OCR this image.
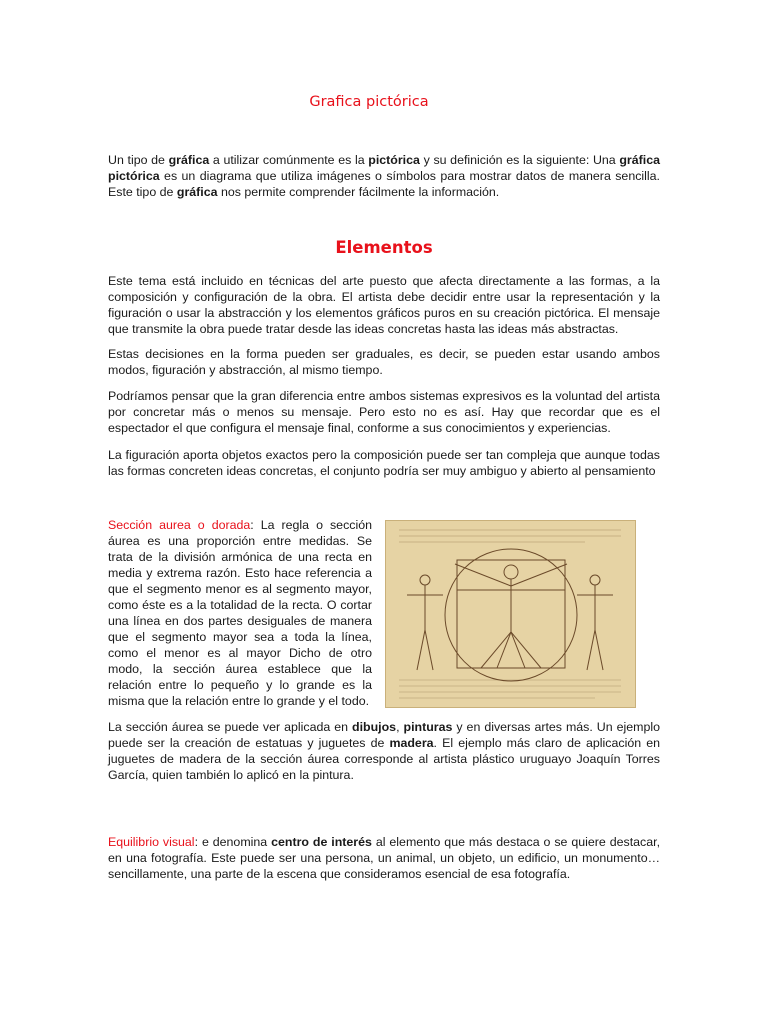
Grafica pictórica

Un tipo de gráfica a utilizar comúnmente es la pictórica y su definición es la siguiente: Una gráfica pictórica es un diagrama que utiliza imágenes o símbolos para mostrar datos de manera sencilla. Este tipo de gráfica nos permite comprender fácilmente la información.

Elementos

Este tema está incluido en técnicas del arte puesto que afecta directamente a las formas, a la composición y configuración de la obra. El artista debe decidir entre usar la representación y la figuración o usar la abstracción y los elementos gráficos puros en su creación pictórica. El mensaje que transmite la obra puede tratar desde las ideas concretas hasta las ideas más abstractas.

Estas decisiones en la forma pueden ser graduales, es decir, se pueden estar usando ambos modos, figuración y abstracción, al mismo tiempo.

Podríamos pensar que la gran diferencia entre ambos sistemas expresivos es la voluntad del artista por concretar más o menos su mensaje. Pero esto no es así. Hay que recordar que es el espectador el que configura el mensaje final, conforme a sus conocimientos y experiencias.

La figuración aporta objetos exactos pero la composición puede ser tan compleja que aunque todas las formas concreten ideas concretas, el conjunto podría ser muy ambiguo y abierto al pensamiento

Sección aurea o dorada: La regla o sección áurea es una proporción entre medidas. Se trata de la división armónica de una recta en media y extrema razón. Esto hace referencia a que el segmento menor es al segmento mayor, como éste es a la totalidad de la recta. O cortar una línea en dos partes desiguales de manera que el segmento mayor sea a toda la línea, como el menor es al mayor Dicho de otro modo, la sección áurea establece que la relación entre lo pequeño y lo grande es la misma que la relación entre lo grande y el todo.

La sección áurea se puede ver aplicada en dibujos, pinturas y en diversas artes más. Un ejemplo puede ser la creación de estatuas y juguetes de madera. El ejemplo más claro de aplicación en juguetes de madera de la sección áurea corresponde al artista plástico uruguayo Joaquín Torres García, quien también lo aplicó en la pintura.

Equilibrio visual: e denomina centro de interés al elemento que más destaca o se quiere destacar, en una fotografía. Este puede ser una persona, un animal, un objeto, un edificio, un monumento… sencillamente, una parte de la escena que consideramos esencial de esa fotografía.
